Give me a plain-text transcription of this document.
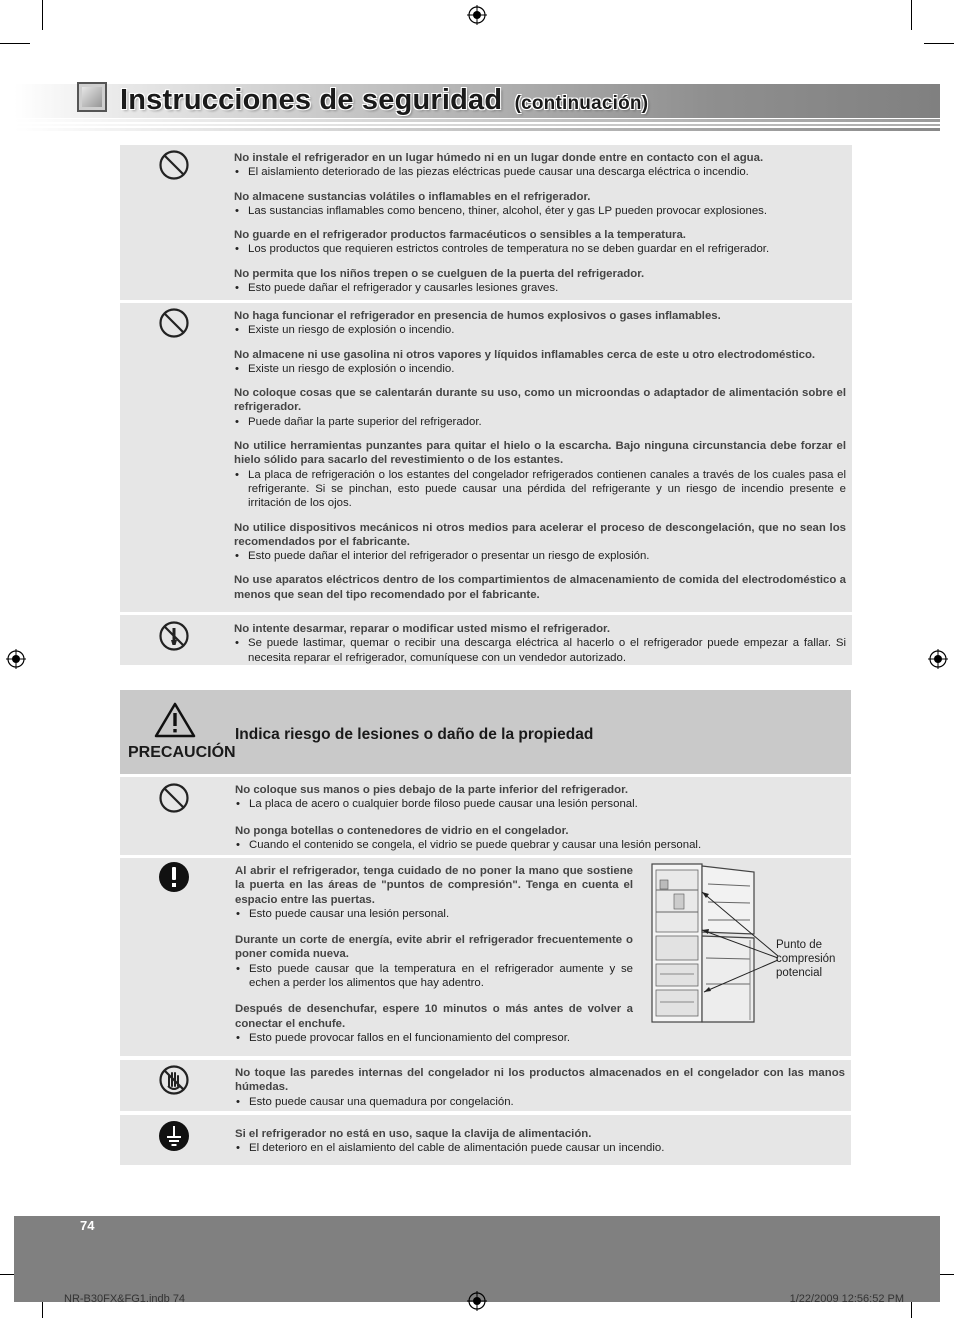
Instrucciones de seguridad (continuación)
No instale el refrigerador en un lugar húmedo ni en un lugar donde entre en contacto con el agua.
• El aislamiento deteriorado de las piezas eléctricas puede causar una descarga eléctrica o incendio.
No almacene sustancias volátiles o inflamables en el refrigerador.
• Las sustancias inflamables como benceno, thiner, alcohol, éter y gas LP pueden provocar explosiones.
No guarde en el refrigerador productos farmacéuticos o sensibles a la temperatura.
• Los productos que requieren estrictos controles de temperatura no se deben guardar en el refrigerador.
No permita que los niños trepen o se cuelguen de la puerta del refrigerador.
• Esto puede dañar el refrigerador y causarles lesiones graves.
No haga funcionar el refrigerador en presencia de humos explosivos o gases inflamables.
• Existe un riesgo de explosión o incendio.
No almacene ni use gasolina ni otros vapores y líquidos inflamables cerca de este u otro electrodoméstico.
• Existe un riesgo de explosión o incendio.
No coloque cosas que se calentarán durante su uso, como un microondas o adaptador de alimentación sobre el refrigerador.
• Puede dañar la parte superior del refrigerador.
No utilice herramientas punzantes para quitar el hielo o la escarcha. Bajo ninguna circunstancia debe forzar el hielo sólido para sacarlo del revestimiento o de los estantes.
• La placa de refrigeración o los estantes del congelador refrigerados contienen canales a través de los cuales pasa el refrigerante. Si se pinchan, esto puede causar una pérdida del refrigerante y un riesgo de incendio presente e irritación de los ojos.
No utilice dispositivos mecánicos ni otros medios para acelerar el proceso de descongelación, que no sean los recomendados por el fabricante.
• Esto puede dañar el interior del refrigerador o presentar un riesgo de explosión.
No use aparatos eléctricos dentro de los compartimientos de almacenamiento de comida del electrodoméstico a menos que sean del tipo recomendado por el fabricante.
No intente desarmar, reparar o modificar usted mismo el refrigerador.
• Se puede lastimar, quemar o recibir una descarga eléctrica al hacerlo o el refrigerador puede empezar a fallar. Si necesita reparar el refrigerador, comuníquese con un vendedor autorizado.
PRECAUCIÓN
Indica riesgo de lesiones o daño de la propiedad
No coloque sus manos o pies debajo de la parte inferior del refrigerador.
• La placa de acero o cualquier borde filoso puede causar una lesión personal.
No ponga botellas o contenedores de vidrio en el congelador.
• Cuando el contenido se congela, el vidrio se puede quebrar y causar una lesión personal.
Al abrir el refrigerador, tenga cuidado de no poner la mano que sostiene la puerta en las áreas de "puntos de compresión". Tenga en cuenta el espacio entre las puertas.
• Esto puede causar una lesión personal.
Durante un corte de energía, evite abrir el refrigerador frecuentemente o poner comida nueva.
• Esto puede causar que la temperatura en el refrigerador aumente y se echen a perder los alimentos que hay adentro.
Después de desenchufar, espere 10 minutos o más antes de volver a conectar el enchufe.
• Esto puede provocar fallos en el funcionamiento del compresor.
Punto de compresión potencial
No toque las paredes internas del congelador ni los productos almacenados en el congelador con las manos húmedas.
• Esto puede causar una quemadura por congelación.
Si el refrigerador no está en uso, saque la clavija de alimentación.
• El deterioro en el aislamiento del cable de alimentación puede causar un incendio.
74
NR-B30FX&FG1.indb 74	1/22/2009 12:56:52 PM
